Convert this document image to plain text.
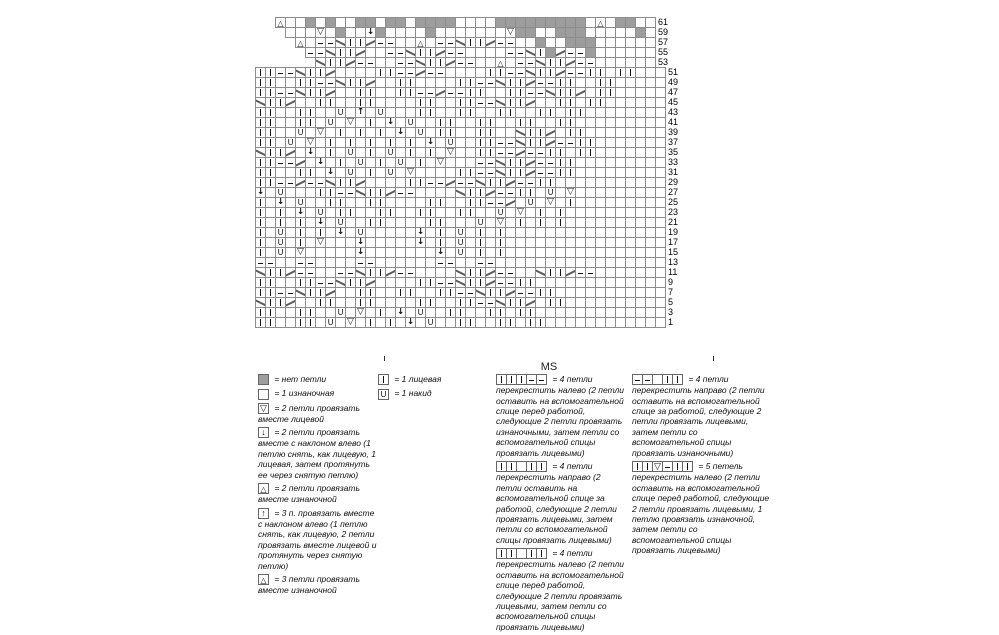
△
△
61
▽
↓
▽
59
△
△
57
55
△
53
51
49
47
45
U
↑
U
43
U
▽
↓
U
41
U
▽
↓
U
39
U
▽
↓
U
37
↓
U
U
▽
35
↓
U
U
▽
33
↓
U
U
▽
31
29
↓
U
U
▽
27
↓
U
U
▽
25
↓
U
U
▽
23
↓
U
U
▽
21
U
↓
U
↓
U
19
U
▽
↓
↓
U
17
U
▽
↓
↓
U
15
13
11
9
7
5
U
▽
↓
U
3
U
▽
↓
U
1
MS
= нет петли
= 1 изнаночная
= 2 петли провязать вместе лицевой
= 2 петли провязать вместе с наклоном влево (1 петлю снять, как лицевую, 1 лицевая, затем протянуть ее через снятую петлю)
= 2 петли провязать вместе изнаночной
= 3 п. провязать вместе с наклоном влево (1 петлю снять, как лицевую, 2 петли провязать вместе лицевой и протянуть через снятую петлю)
= 3 петли провязать вместе изнаночной
= 1 лицевая
= 1 накид
= 4 петли перекрестить налево (2 петли оставить на вспомогательной спице перед работой, следующие 2 петли провязать изнаночными, затем петли со вспомогательной спицы провязать лицевыми)
= 4 петли перекрестить направо (2 петли оставить на вспомогательной спице за работой, следующие 2 петли провязать лицевыми, затем петли со вспомогательной спицы провязать лицевыми)
= 4 петли перекрестить налево (2 петли оставить на вспомогательной спице перед работой, следующие 2 петли провязать лицевыми, затем петли со вспомогательной спицы провязать лицевыми)
= 4 петли перекрестить направо (2 петли оставить на вспомогательной спице за работой, следующие 2 петли провязать лицевыми, затем петли со вспомогательной спицы провязать изнаночными)
= 5 петель перекрестить налево (2 петли оставить на вспомогательной спице перед работой, следующие 2 петли провязать лицевыми, 1 петлю провязать изнаночной, затем петли со вспомогательной спицы провязать лицевыми)
